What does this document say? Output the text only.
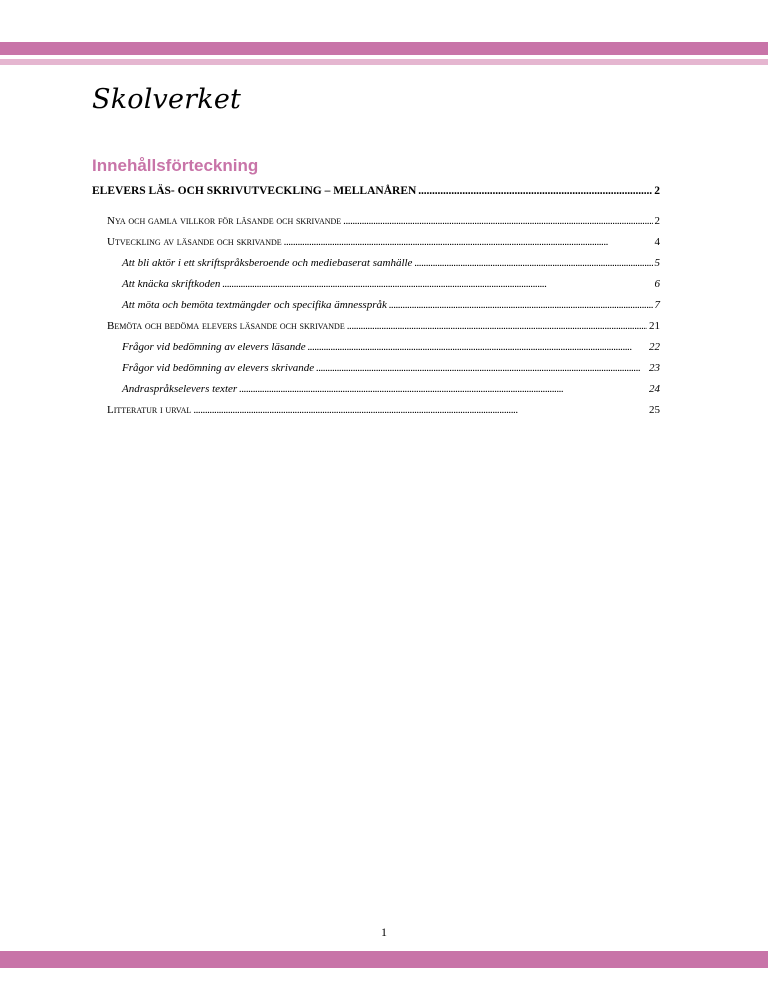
Skolverket
Innehållsförteckning
ELEVERS LÄS- OCH SKRIVUTVECKLING – MELLANÅREN . . .	2
Nya och gamla villkor för läsande och skrivande . . .	2
Utveckling av läsande och skrivande . . .	4
Att bli aktör i ett skriftspråksberoende och mediebaserat samhälle . . .	5
Att knäcka skriftkoden . . .	6
Att möta och bemöta textmängder och specifika ämnesspråk . . .	7
Bemöta och bedöma elevers läsande och skrivande . . .	21
Frågor vid bedömning av elevers läsande . . .	22
Frågor vid bedömning av elevers skrivande . . .	23
Andraspråkselevers texter . . .	24
Litteratur i urval . . .	25
1
